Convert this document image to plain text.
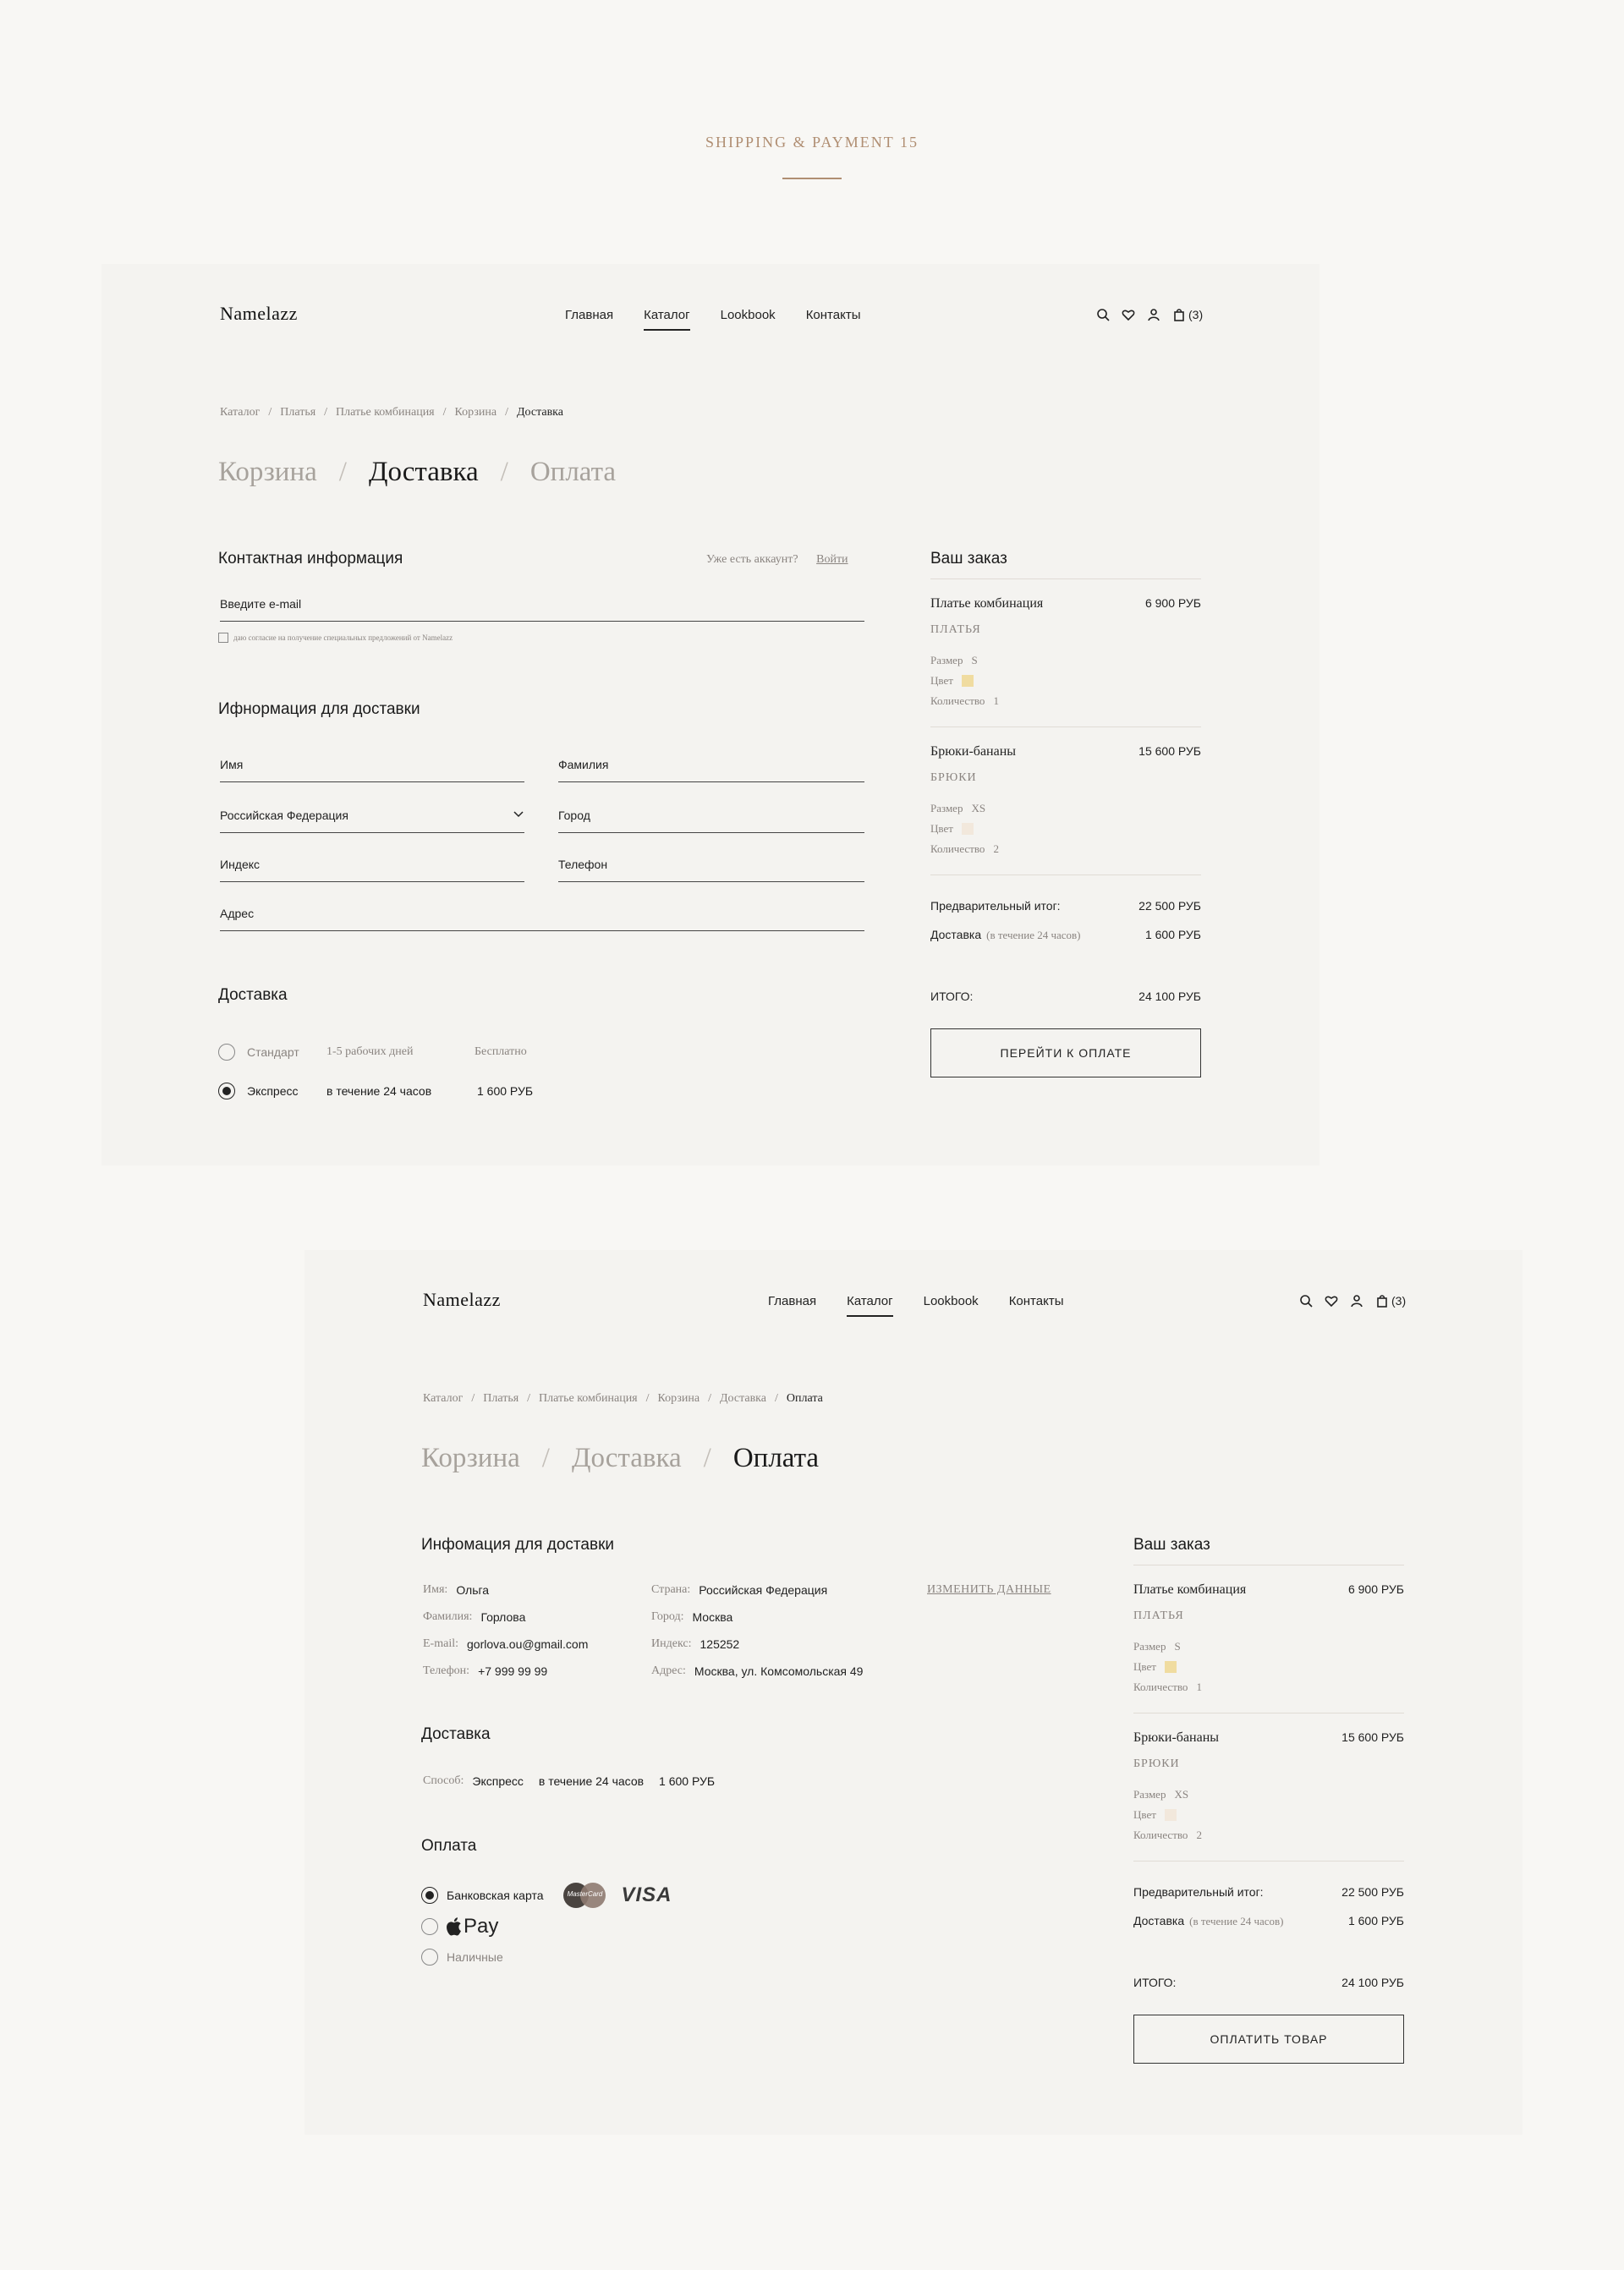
SHIPPING & PAYMENT 15
Namelazz	Главная Каталог Lookbook Контакты	(3)
Каталог / Платья / Платье комбинация / Корзина / Доставка
Корзина / Доставка / Оплата
Контактная информация	Уже есть аккаунт? Войти
Введите e-mail
даю согласие на получение специальных предложений от Namelazz
Ифнормация для доставки
Имя	Фамилия
Российская Федерация	Город
Индекс	Телефон
Адрес
Доставка
Стандарт	1-5 рабочих дней	Бесплатно
Экспресс	в течение 24 часов	1 600 РУБ
Ваш заказ
Платье комбинация	6 900 РУБ
ПЛАТЬЯ
Размер S
Цвет
Количество 1
Брюки-бананы	15 600 РУБ
БРЮКИ
Размер XS
Цвет
Количество 2
Предварительный итог:	22 500 РУБ
Доставка (в течение 24 часов)	1 600 РУБ
ИТОГО:	24 100 РУБ
ПЕРЕЙТИ К ОПЛАТЕ
Namelazz	Главная Каталог Lookbook Контакты	(3)
Каталог / Платья / Платье комбинация / Корзина / Доставка / Оплата
Корзина / Доставка / Оплата
Инфомация для доставки
Имя: Ольга
Фамилия: Горлова
E-mail: gorlova.ou@gmail.com
Телефон: +7 999 99 99
Страна: Российская Федерация
Город: Москва
Индекс: 125252
Адрес: Москва, ул. Комсомольская 49
ИЗМЕНИТЬ ДАННЫЕ
Доставка
Способ: Экспресс в течение 24 часов 1 600 РУБ
Оплата
Банковская карта	MasterCard VISA
Pay
Наличные
Ваш заказ
Платье комбинация	6 900 РУБ
ПЛАТЬЯ
Размер S
Цвет
Количество 1
Брюки-бананы	15 600 РУБ
БРЮКИ
Размер XS
Цвет
Количество 2
Предварительный итог:	22 500 РУБ
Доставка (в течение 24 часов)	1 600 РУБ
ИТОГО:	24 100 РУБ
ОПЛАТИТЬ ТОВАР
